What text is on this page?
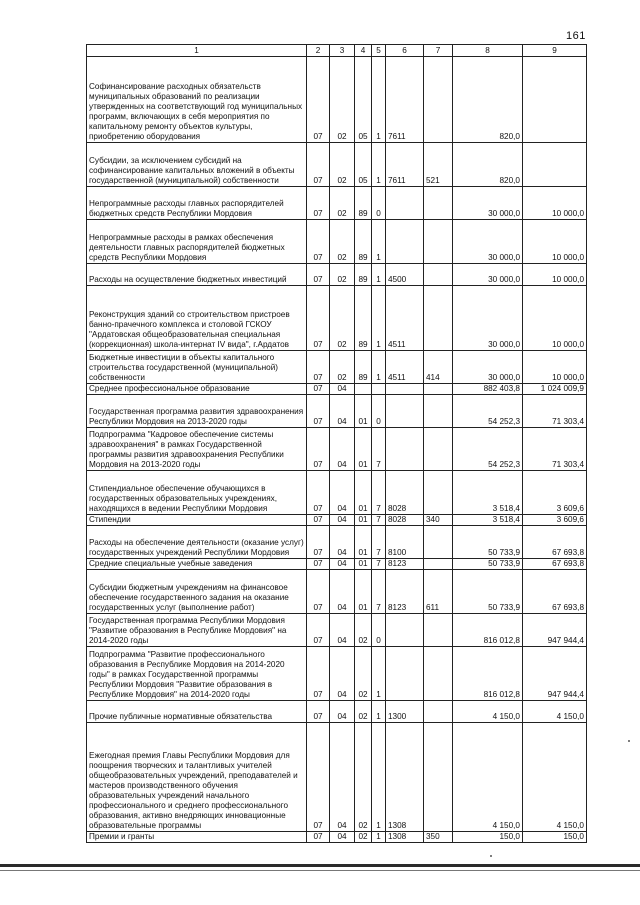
161
1	2	3	4	5	6	7	8	9
Софинансирование расходных обязательств муниципальных образований по реализации утвержденных на соответствующий год муниципальных программ, включающих в себя мероприятия по капитальному ремонту объектов культуры, приобретению оборудования	07	02	05	1	7611		820,0	
Субсидии, за исключением субсидий на софинансирование капитальных вложений в объекты государственной (муниципальной) собственности	07	02	05	1	7611	521	820,0	
Непрограммные расходы главных распорядителей бюджетных средств Республики Мордовия	07	02	89	0			30 000,0	10 000,0
Непрограммные расходы в рамках обеспечения деятельности главных распорядителей бюджетных средств Республики Мордовия	07	02	89	1			30 000,0	10 000,0
Расходы на осуществление бюджетных инвестиций	07	02	89	1	4500		30 000,0	10 000,0
Реконструкция зданий со строительством пристроев банно-прачечного комплекса и столовой ГСКОУ "Ардатовская общеобразовательная специальная (коррекционная) школа-интернат IV вида", г.Ардатов	07	02	89	1	4511		30 000,0	10 000,0
Бюджетные инвестиции в объекты капитального строительства государственной (муниципальной) собственности	07	02	89	1	4511	414	30 000,0	10 000,0
Среднее профессиональное образование	07	04					882 403,8	1 024 009,9
Государственная программа развития здравоохранения Республики Мордовия на 2013-2020 годы	07	04	01	0			54 252,3	71 303,4
Подпрограмма "Кадровое обеспечение системы здравоохранения" в рамках Государственной программы развития здравоохранения Республики Мордовия на 2013-2020 годы	07	04	01	7			54 252,3	71 303,4
Стипендиальное обеспечение обучающихся в государственных образовательных учреждениях, находящихся в ведении Республики Мордовия	07	04	01	7	8028		3 518,4	3 609,6
Стипендии	07	04	01	7	8028	340	3 518,4	3 609,6
Расходы на обеспечение деятельности (оказание услуг) государственных учреждений Республики Мордовия	07	04	01	7	8100		50 733,9	67 693,8
Средние специальные учебные заведения	07	04	01	7	8123		50 733,9	67 693,8
Субсидии бюджетным учреждениям на финансовое обеспечение государственного задания на оказание государственных услуг (выполнение работ)	07	04	01	7	8123	611	50 733,9	67 693,8
Государственная программа Республики Мордовия "Развитие образования в Республике Мордовия" на 2014-2020 годы	07	04	02	0			816 012,8	947 944,4
Подпрограмма "Развитие профессионального образования в Республике Мордовия на 2014-2020 годы" в рамках Государственной программы Республики Мордовия "Развитие образования в Республике Мордовия" на 2014-2020 годы	07	04	02	1			816 012,8	947 944,4
Прочие публичные нормативные обязательства	07	04	02	1	1300		4 150,0	4 150,0
Ежегодная премия Главы Республики Мордовия для поощрения творческих и талантливых учителей общеобразовательных учреждений, преподавателей и мастеров производственного обучения образовательных учреждений начального профессионального и среднего профессионального образования, активно внедряющих инновационные образовательные программы	07	04	02	1	1308		4 150,0	4 150,0
Премии и гранты	07	04	02	1	1308	350	150,0	150,0
